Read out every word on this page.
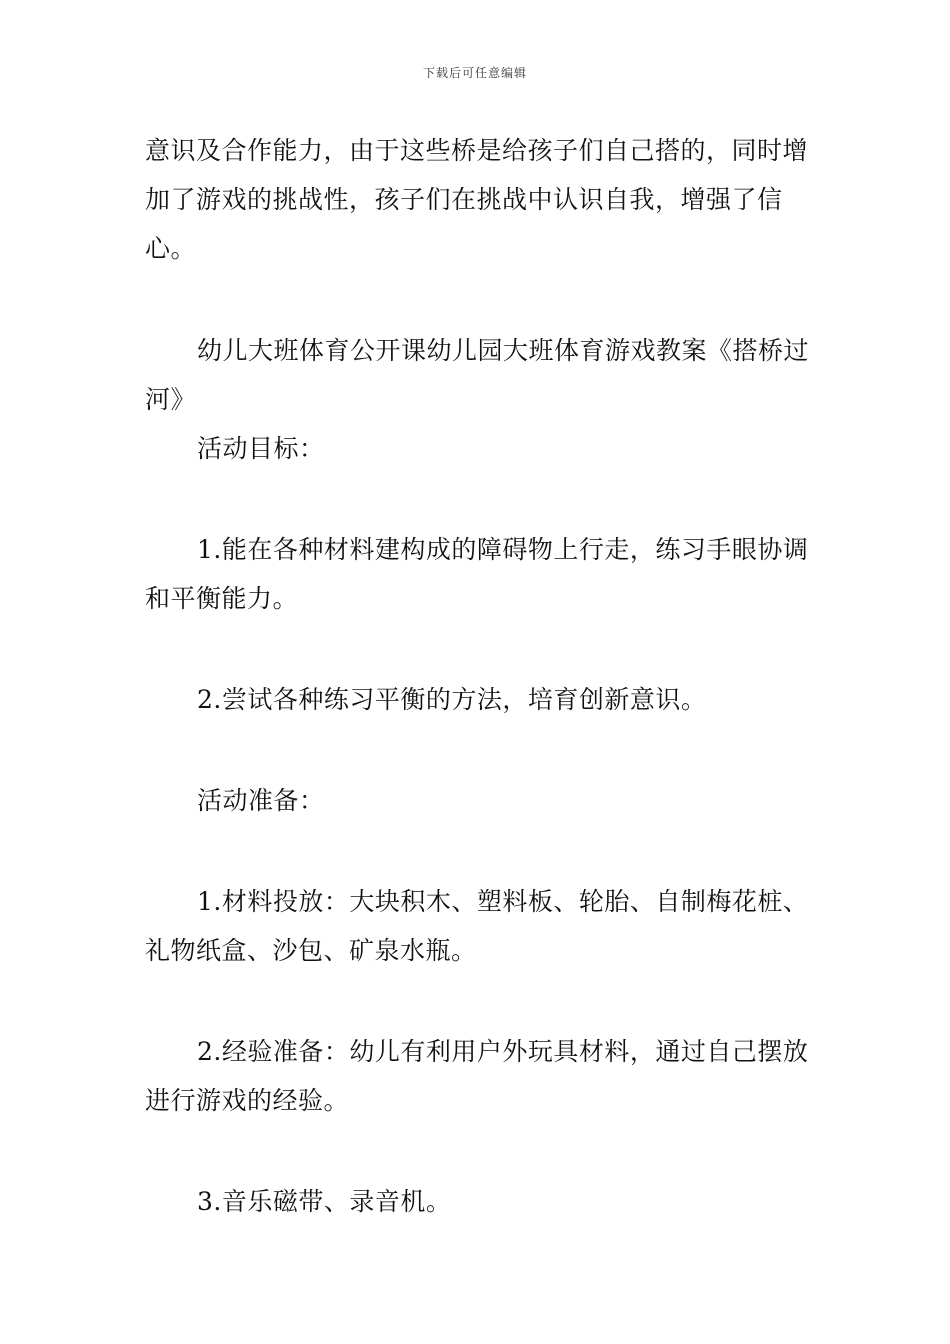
下载后可任意编辑

意识及合作能力，由于这些桥是给孩子们自己搭的，同时增加了游戏的挑战性，孩子们在挑战中认识自我，增强了信心。

幼儿大班体育公开课幼儿园大班体育游戏教案《搭桥过河》

活动目标：

1.能在各种材料建构成的障碍物上行走，练习手眼协调和平衡能力。

2.尝试各种练习平衡的方法，培育创新意识。

活动准备：

1.材料投放：大块积木、塑料板、轮胎、自制梅花桩、礼物纸盒、沙包、矿泉水瓶。

2.经验准备：幼儿有利用户外玩具材料，通过自己摆放进行游戏的经验。

3.音乐磁带、录音机。
